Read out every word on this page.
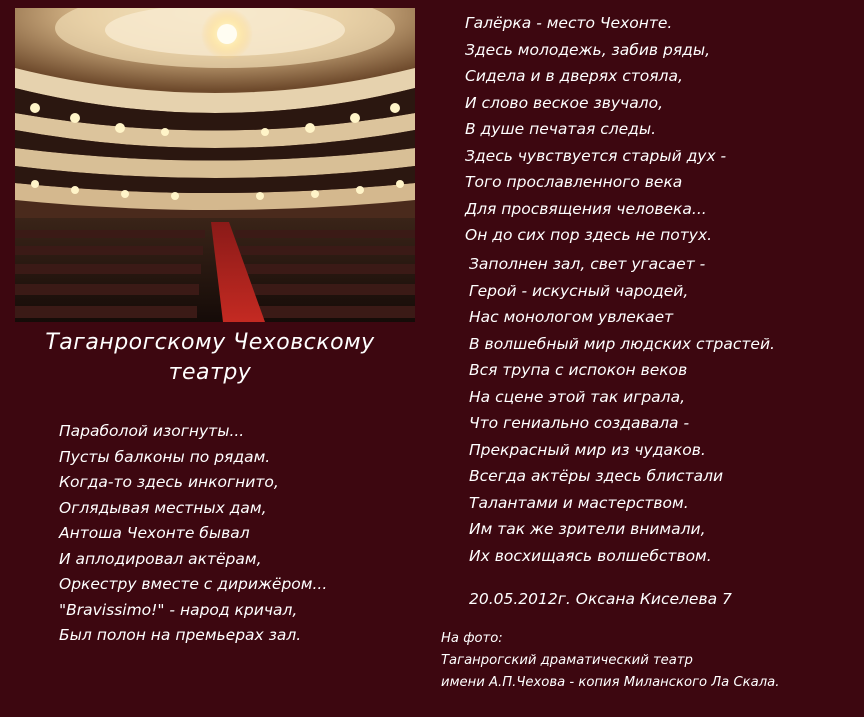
Таганрогскому Чеховскому
театру
Параболой изогнуты...
Пусты балконы по рядам.
Когда-то здесь инкогнито,
Оглядывая местных дам,
Антоша Чехонте бывал
И аплодировал актёрам,
Оркестру вместе с дирижёром...
"Bravissimo!" - народ кричал,
Был полон на премьерах зал.
Галёрка - место Чехонте.
Здесь молодежь, забив ряды,
Сидела и в дверях стояла,
И слово веское звучало,
В душе печатая следы.
Здесь чувствуется старый дух -
Того прославленного века
Для просвящения человека...
Он до сих пор здесь не потух.
Заполнен зал, свет угасает -
Герой - искусный чародей,
Нас монологом увлекает
В волшебный мир людских страстей.
Вся трупа с испокон веков
На сцене этой так играла,
Что гениально создавала -
Прекрасный мир из чудаков.
Всегда актёры здесь блистали
Талантами и мастерством.
Им так же зрители внимали,
Их восхищаясь волшебством.
20.05.2012г. Оксана Киселева 7
На фото:
Таганрогский драматический театр
имени А.П.Чехова - копия Миланского Ла Скала.
